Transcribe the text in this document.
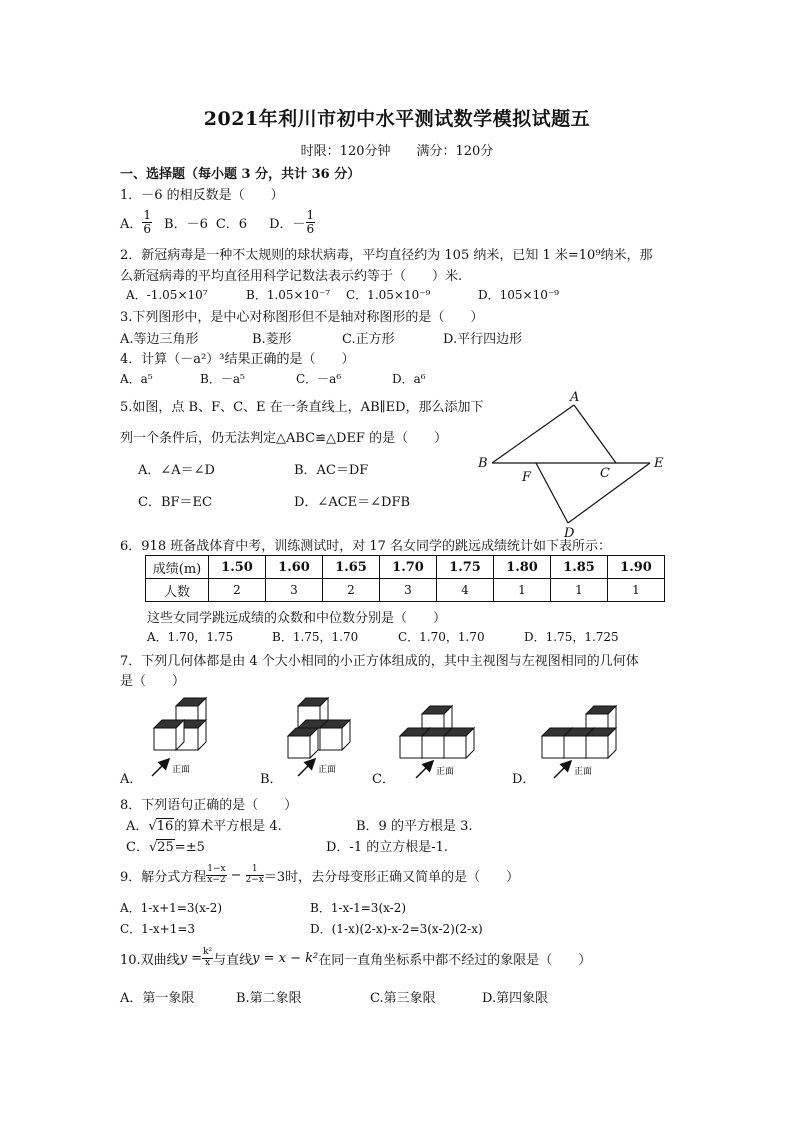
2021年利川市初中水平测试数学模拟试题五
时限：120分钟　　满分：120分
一、选择题（每小题 3 分，共计 36 分）
1．－6 的相反数是（　　）
A． $\frac{1}{6}$ B．－6 C．6 D．－ $\frac{1}{6}$
2．新冠病毒是一种不太规则的球状病毒，平均直径约为 105 纳米，已知 1 米=10⁹纳米，那
么新冠病毒的平均直径用科学记数法表示约等于（　　）米.
A．-1.05×10⁷	B．1.05×10⁻⁷ C．1.05×10⁻⁹	D．105×10⁻⁹
3.下列图形中，是中心对称图形但不是轴对称图形的是（　　）
A.等边三角形	B.菱形	C.正方形	D.平行四边形
4．计算（－a²）³结果正确的是（　　）
A．a⁵	B．－a⁵	C．－a⁶	D．a⁶
5.如图，点 B、F、C、E 在一条直线上，AB∥ED，那么添加下
列一个条件后，仍无法判定△ABC≌△DEF 的是（　　）
A．∠A＝∠D	B．AC＝DF
C．BF＝EC	D．∠ACE＝∠DFB
A
B
F	C
E
D
6．918 班备战体育中考，训练测试时，对 17 名女同学的跳远成绩统计如下表所示：
成绩(m)	1.50	1.60	1.65	1.70	1.75	1.80	1.85	1.90
人数	2	3	2	3	4	1	1	1
这些女同学跳远成绩的众数和中位数分别是（　　）
A．1.70，1.75	B．1.75，1.70	C．1.70，1.70	D．1.75，1.725
7．下列几何体都是由 4 个大小相同的小正方体组成的，其中主视图与左视图相同的几何体
是（　　）
A．
正面
B．
正面
C．	正面	D．	正面
8．下列语句正确的是（　　）
A．√16的算术平方根是 4.	B．9 的平方根是 3.
C．√25=±5	D．-1 的立方根是-1.
9．解分式方程 $\frac{1-x}{x-2} - \frac{1}{2-x} =3$时，去分母变形正确又简单的是（　　）
A．1-x+1=3(x-2)	B．1-x-1=3(x-2)
C．1-x+1=3	D．(1-x)(2-x)-x-2=3(x-2)(2-x)
10.双曲线 $y = \frac{\text{k²}}{x}$ 与直线 y = x − k² 在同一直角坐标系中都不经过的象限是（　　）
A．第一象限	B.第二象限	C.第三象限	D.第四象限
